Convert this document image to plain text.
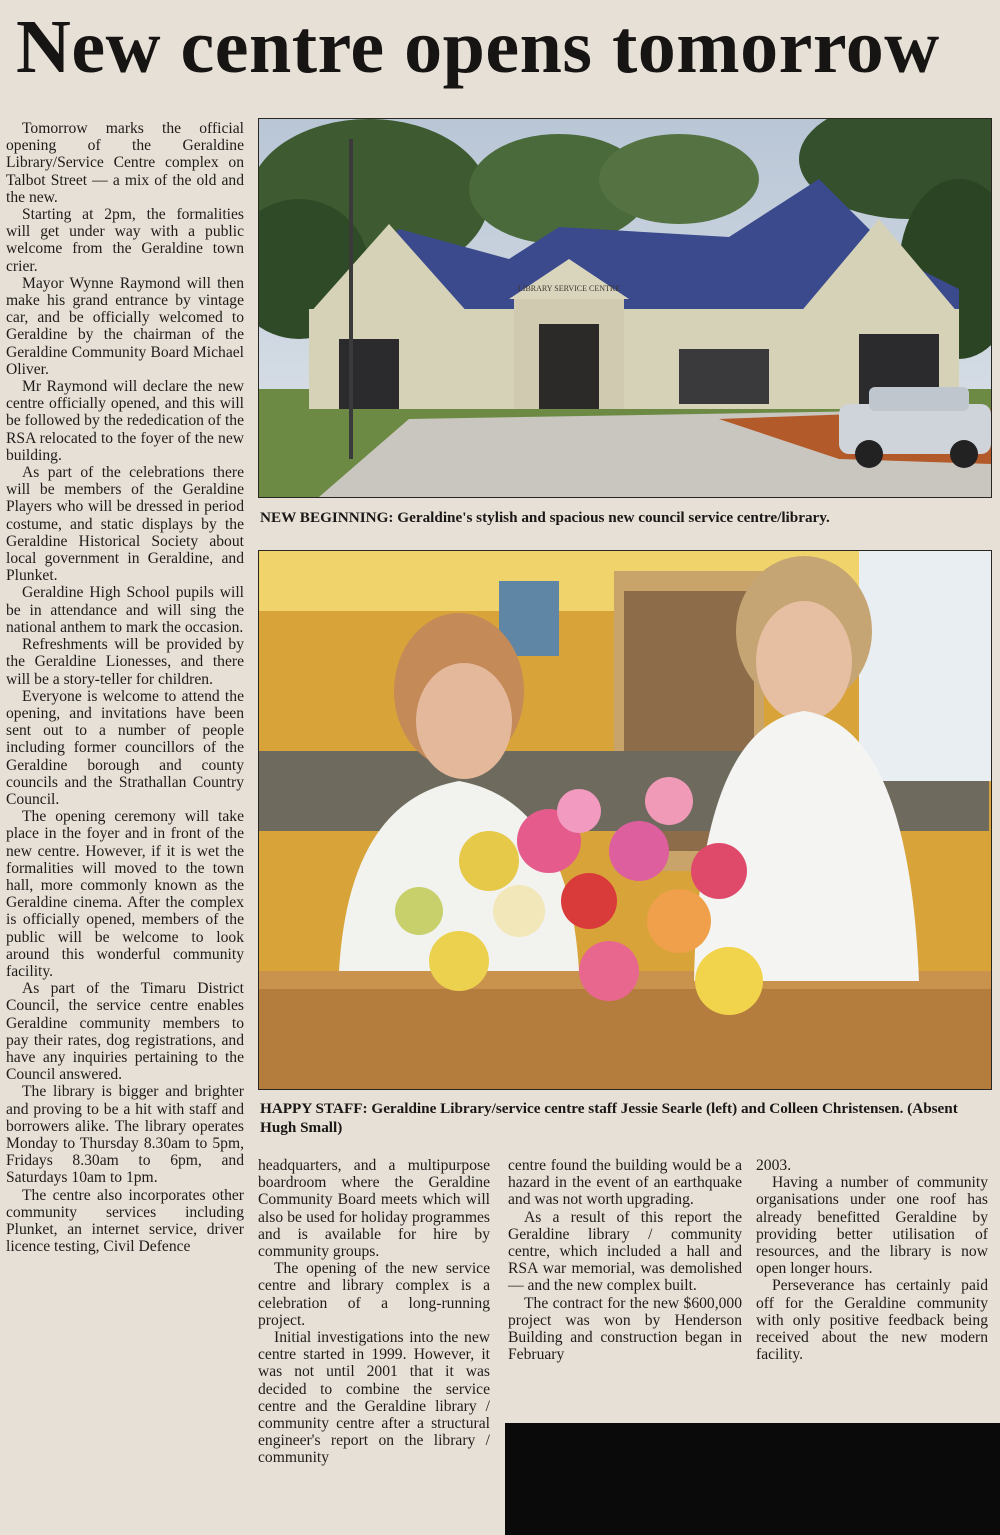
New centre opens tomorrow

Tomorrow marks the official opening of the Geraldine Library/Service Centre complex on Talbot Street — a mix of the old and the new.

Starting at 2pm, the formalities will get under way with a public welcome from the Geraldine town crier.

Mayor Wynne Raymond will then make his grand entrance by vintage car, and be officially welcomed to Geraldine by the chairman of the Geraldine Community Board Michael Oliver.

Mr Raymond will declare the new centre officially opened, and this will be followed by the rededication of the RSA relocated to the foyer of the new building.

As part of the celebrations there will be members of the Geraldine Players who will be dressed in period costume, and static displays by the Geraldine Historical Society about local government in Geraldine, and Plunket.

Geraldine High School pupils will be in attendance and will sing the national anthem to mark the occasion.

Refreshments will be provided by the Geraldine Lionesses, and there will be a story-teller for children.

Everyone is welcome to attend the opening, and invitations have been sent out to a number of people including former councillors of the Geraldine borough and county councils and the Strathallan Country Council.

The opening ceremony will take place in the foyer and in front of the new centre. However, if it is wet the formalities will moved to the town hall, more commonly known as the Geraldine cinema. After the complex is officially opened, members of the public will be welcome to look around this wonderful community facility.

As part of the Timaru District Council, the service centre enables Geraldine community members to pay their rates, dog registrations, and have any inquiries pertaining to the Council answered.

The library is bigger and brighter and proving to be a hit with staff and borrowers alike. The library operates Monday to Thursday 8.30am to 5pm, Fridays 8.30am to 6pm, and Saturdays 10am to 1pm.

The centre also incorporates other community services including Plunket, an internet service, driver licence testing, Civil Defence

LIBRARY SERVICE CENTRE
NEW BEGINNING: Geraldine's stylish and spacious new council service centre/library.
HAPPY STAFF: Geraldine Library/service centre staff Jessie Searle (left) and Colleen Christensen. (Absent Hugh Small)

headquarters, and a multipurpose boardroom where the Geraldine Community Board meets which will also be used for holiday programmes and is available for hire by community groups.

The opening of the new service centre and library complex is a celebration of a long-running project.

Initial investigations into the new centre started in 1999. However, it was not until 2001 that it was decided to combine the service centre and the Geraldine library / community centre after a structural engineer's report on the library / community

centre found the building would be a hazard in the event of an earthquake and was not worth upgrading.

As a result of this report the Geraldine library / community centre, which included a hall and RSA war memorial, was demolished — and the new complex built.

The contract for the new $600,000 project was won by Henderson Building and construction began in February

2003.

Having a number of community organisations under one roof has already benefitted Geraldine by providing better utilisation of resources, and the library is now open longer hours.

Perseverance has certainly paid off for the Geraldine community with only positive feedback being received about the new modern facility.
